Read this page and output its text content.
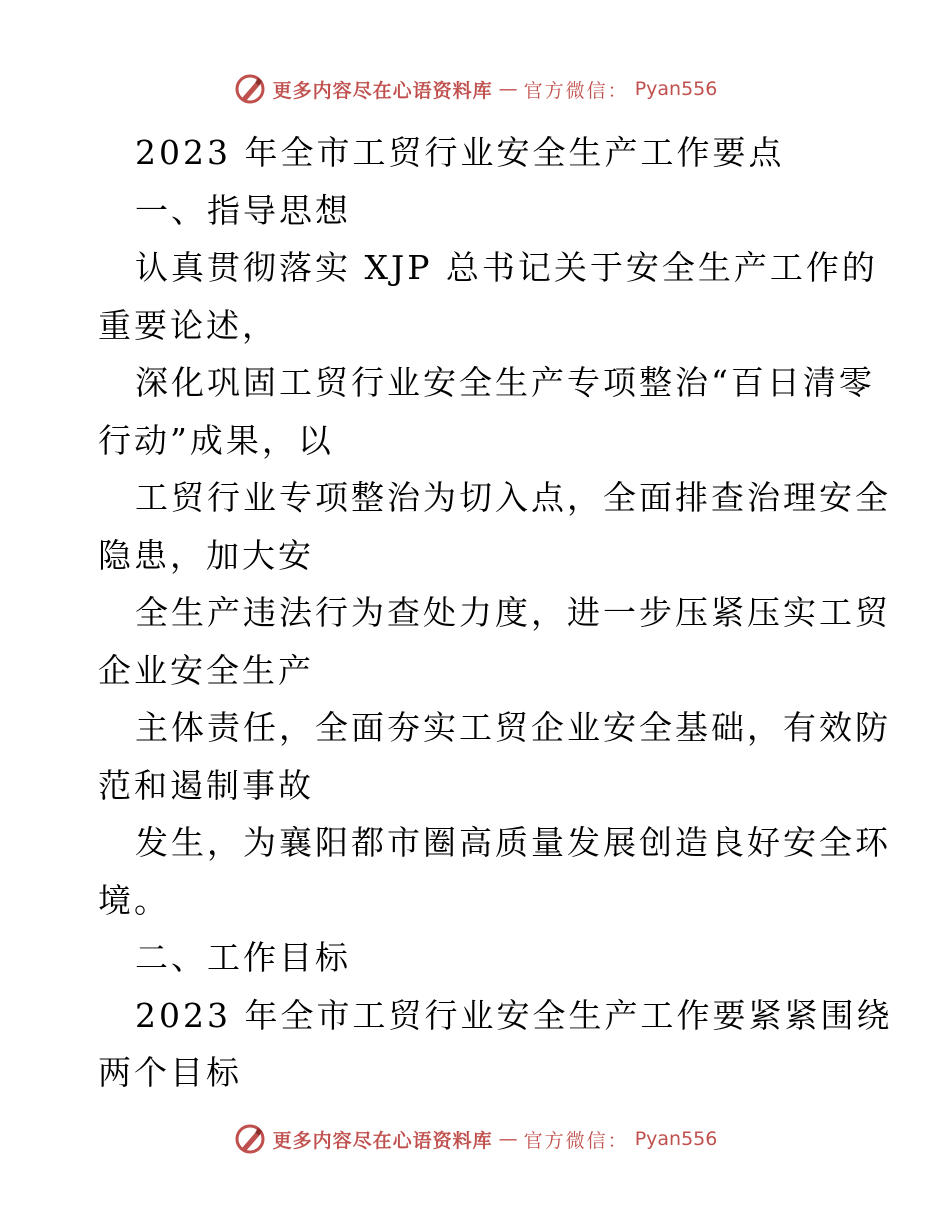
更多内容尽在心语资料库 — 官方微信： Pyan556
2023 年全市工贸行业安全生产工作要点
一、指导思想
认真贯彻落实 XJP 总书记关于安全生产工作的
重要论述，
深化巩固工贸行业安全生产专项整治“百日清零
行动”成果，以
工贸行业专项整治为切入点，全面排查治理安全
隐患，加大安
全生产违法行为查处力度，进一步压紧压实工贸
企业安全生产
主体责任，全面夯实工贸企业安全基础，有效防
范和遏制事故
发生，为襄阳都市圈高质量发展创造良好安全环
境。
二、工作目标
2023 年全市工贸行业安全生产工作要紧紧围绕
两个目标
更多内容尽在心语资料库 — 官方微信： Pyan556
